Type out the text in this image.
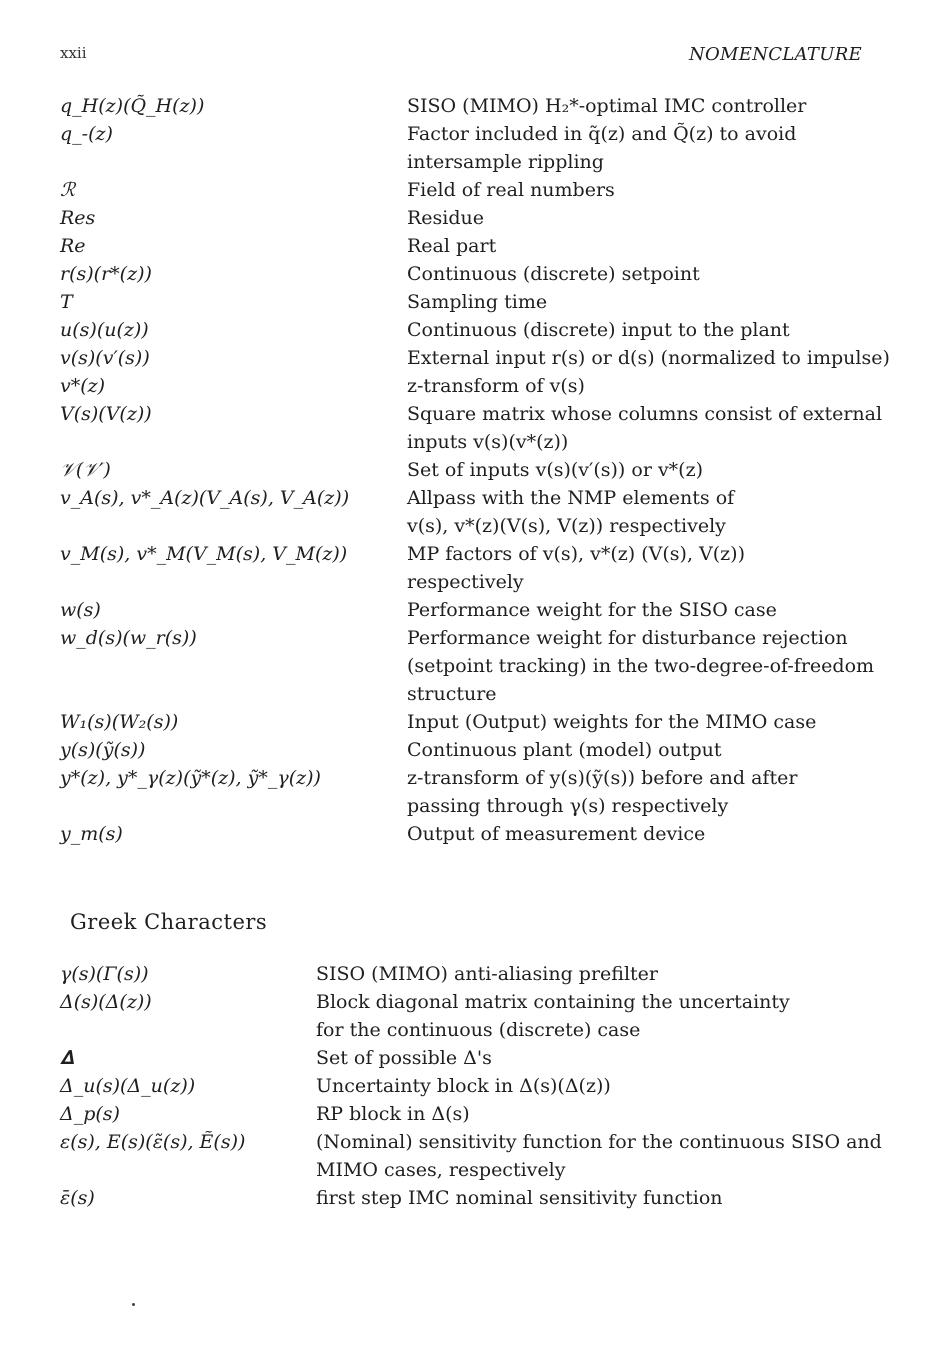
xxii	NOMENCLATURE
q_H(z)(Q̃_H(z))	SISO (MIMO) H₂*-optimal IMC controller
q_-(z)	Factor included in q̃(z) and Q̃(z) to avoid
intersample rippling
ℛ	Field of real numbers
Res	Residue
Re	Real part
r(s)(r*(z))	Continuous (discrete) setpoint
T	Sampling time
u(s)(u(z))	Continuous (discrete) input to the plant
v(s)(v′(s))	External input r(s) or d(s) (normalized to impulse)
v*(z)	z-transform of v(s)
V(s)(V(z))	Square matrix whose columns consist of external
inputs v(s)(v*(z))
𝒱(𝒱′)	Set of inputs v(s)(v′(s)) or v*(z)
v_A(s), v*_A(z)(V_A(s), V_A(z))	Allpass with the NMP elements of
v(s), v*(z)(V(s), V(z)) respectively
v_M(s), v*_M(V_M(s), V_M(z))	MP factors of v(s), v*(z) (V(s), V(z))
respectively
w(s)	Performance weight for the SISO case
w_d(s)(w_r(s))	Performance weight for disturbance rejection
(setpoint tracking) in the two-degree-of-freedom
structure
W₁(s)(W₂(s))	Input (Output) weights for the MIMO case
y(s)(ỹ(s))	Continuous plant (model) output
y*(z), y*_γ(z)(ỹ*(z), ỹ*_γ(z))	z-transform of y(s)(ỹ(s)) before and after
passing through γ(s) respectively
y_m(s)	Output of measurement device
Greek Characters
γ(s)(Γ(s))	SISO (MIMO) anti-aliasing prefilter
Δ(s)(Δ(z))	Block diagonal matrix containing the uncertainty
for the continuous (discrete) case
𝚫	Set of possible Δ's
Δ_u(s)(Δ_u(z))	Uncertainty block in Δ(s)(Δ(z))
Δ_p(s)	RP block in Δ(s)
ε(s), E(s)(ε̃(s), Ẽ(s))	(Nominal) sensitivity function for the continuous SISO and
MIMO cases, respectively
ε̄(s)	first step IMC nominal sensitivity function
